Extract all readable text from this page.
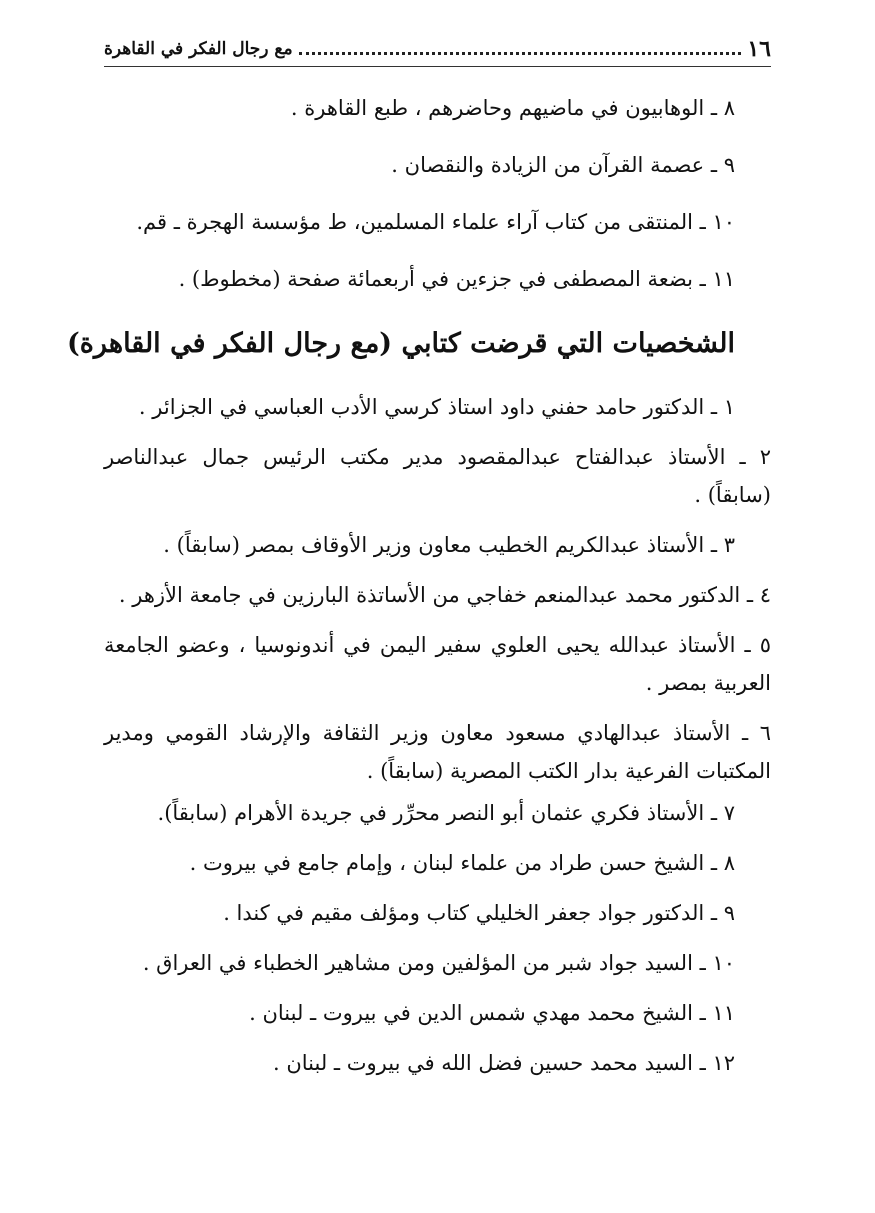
١٦
مع رجال الفكر في القاهرة
٨ ـ الوهابيون في ماضيهم وحاضرهم ، طبع القاهرة .
٩ ـ عصمة القرآن من الزيادة والنقصان .
١٠ ـ المنتقى من كتاب آراء علماء المسلمين، ط مؤسسة الهجرة ـ قم.
١١ ـ بضعة المصطفى في جزءين في أربعمائة صفحة (مخطوط) .
الشخصيات التي قرضت كتابي (مع رجال الفكر في القاهرة)
١ ـ الدكتور حامد حفني داود استاذ كرسي الأدب العباسي في الجزائر .
٢ ـ الأستاذ عبدالفتاح عبدالمقصود مدير مكتب الرئيس جمال عبدالناصر (سابقاً) .
٣ ـ الأستاذ عبدالكريم الخطيب معاون وزير الأوقاف بمصر (سابقاً) .
٤ ـ الدكتور محمد عبدالمنعم خفاجي من الأساتذة البارزين في جامعة الأزهر .
٥ ـ الأستاذ عبدالله يحيى العلوي سفير اليمن في أندونوسيا ، وعضو الجامعة العربية بمصر .
٦ ـ الأستاذ عبدالهادي مسعود معاون وزير الثقافة والإرشاد القومي ومدير المكتبات الفرعية بدار الكتب المصرية (سابقاً) .
٧ ـ الأستاذ فكري عثمان أبو النصر محرِّر في جريدة الأهرام (سابقاً).
٨ ـ الشيخ حسن طراد من علماء لبنان ، وإمام جامع في بيروت .
٩ ـ الدكتور جواد جعفر الخليلي كتاب ومؤلف مقيم في كندا .
١٠ ـ السيد جواد شبر من المؤلفين ومن مشاهير الخطباء في العراق .
١١ ـ الشيخ محمد مهدي شمس الدين في بيروت ـ لبنان .
١٢ ـ السيد محمد حسين فضل الله في بيروت ـ لبنان .
